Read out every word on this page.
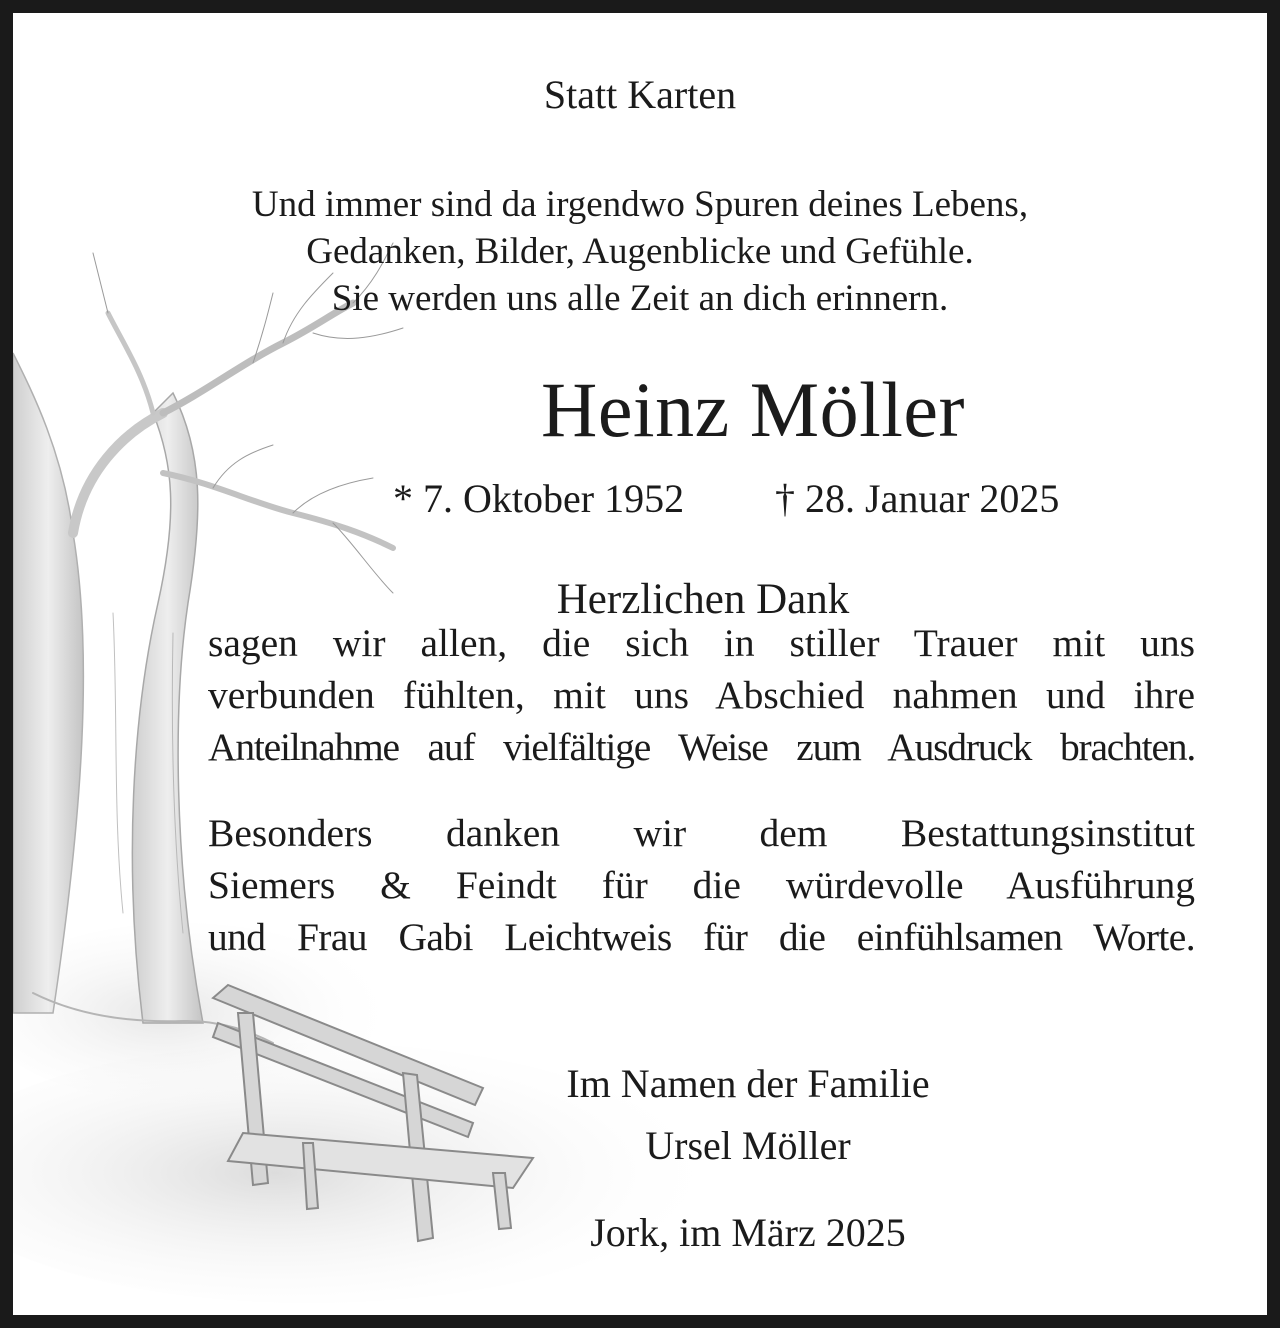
Statt Karten

Und immer sind da irgendwo Spuren deines Lebens,
Gedanken, Bilder, Augenblicke und Gefühle.
Sie werden uns alle Zeit an dich erinnern.

Heinz Möller

* 7. Oktober 1952 † 28. Januar 2025

Herzlichen Dank

sagen wir allen, die sich in stiller Trauer mit uns
verbunden fühlten, mit uns Abschied nahmen und ihre
Anteilnahme auf vielfältige Weise zum Ausdruck brachten.
Besonders danken wir dem Bestattungsinstitut
Siemers & Feindt für die würdevolle Ausführung
und Frau Gabi Leichtweis für die einfühlsamen Worte.
Im Namen der Familie
Ursel Möller

Jork, im März 2025
